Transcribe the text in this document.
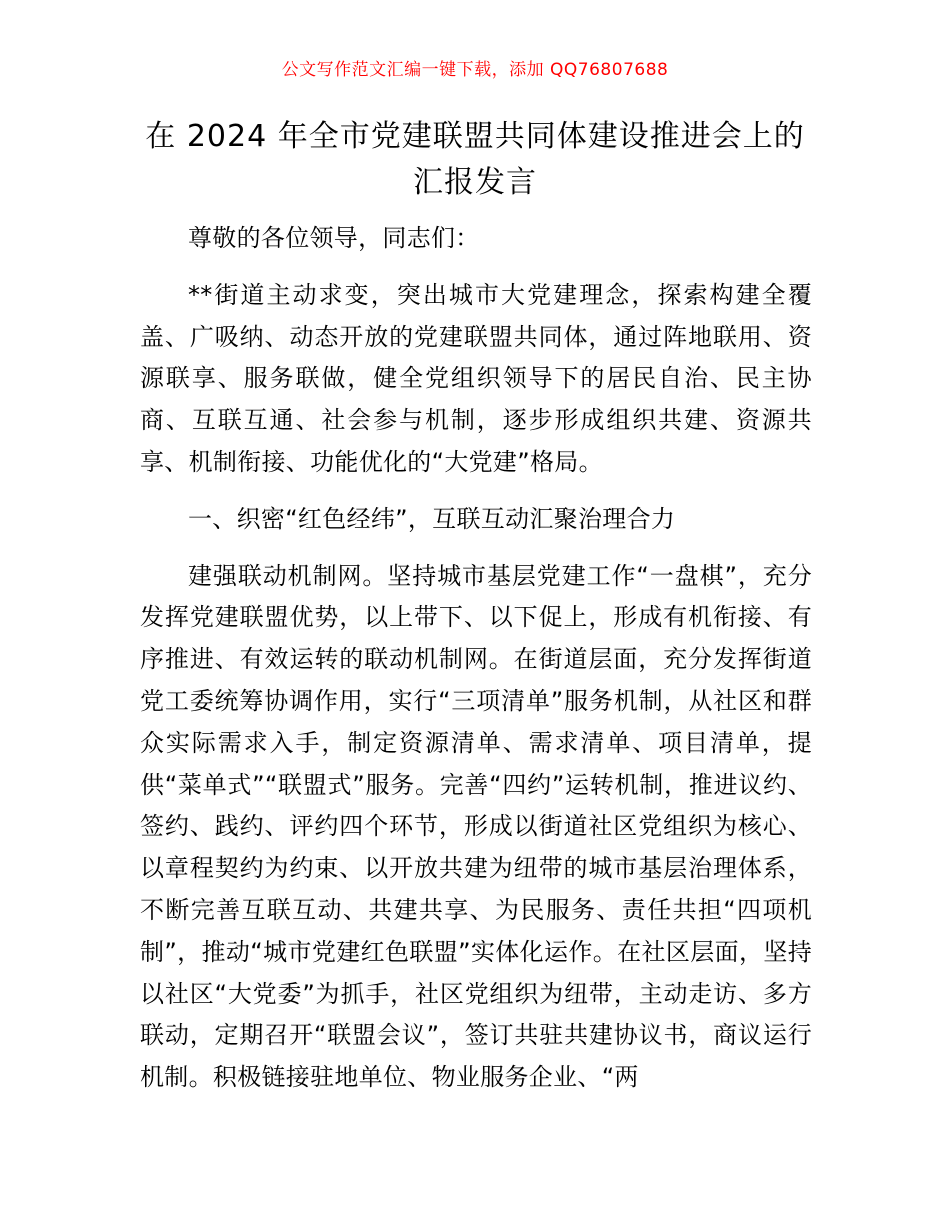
公文写作范文汇编一键下载，添加 QQ76807688
在 2024 年全市党建联盟共同体建设推进会上的
汇报发言

尊敬的各位领导，同志们：

**街道主动求变，突出城市大党建理念，探索构建全覆盖、广吸纳、动态开放的党建联盟共同体，通过阵地联用、资源联享、服务联做，健全党组织领导下的居民自治、民主协商、互联互通、社会参与机制，逐步形成组织共建、资源共享、机制衔接、功能优化的“大党建”格局。

一、织密“红色经纬”，互联互动汇聚治理合力

建强联动机制网。坚持城市基层党建工作“一盘棋”，充分发挥党建联盟优势，以上带下、以下促上，形成有机衔接、有序推进、有效运转的联动机制网。在街道层面，充分发挥街道党工委统筹协调作用，实行“三项清单”服务机制，从社区和群众实际需求入手，制定资源清单、需求清单、项目清单，提供“菜单式”“联盟式”服务。完善“四约”运转机制，推进议约、签约、践约、评约四个环节，形成以街道社区党组织为核心、以章程契约为约束、以开放共建为纽带的城市基层治理体系，不断完善互联互动、共建共享、为民服务、责任共担“四项机制”，推动“城市党建红色联盟”实体化运作。在社区层面，坚持以社区“大党委”为抓手，社区党组织为纽带，主动走访、多方联动，定期召开“联盟会议”，签订共驻共建协议书，商议运行机制。积极链接驻地单位、物业服务企业、“两
